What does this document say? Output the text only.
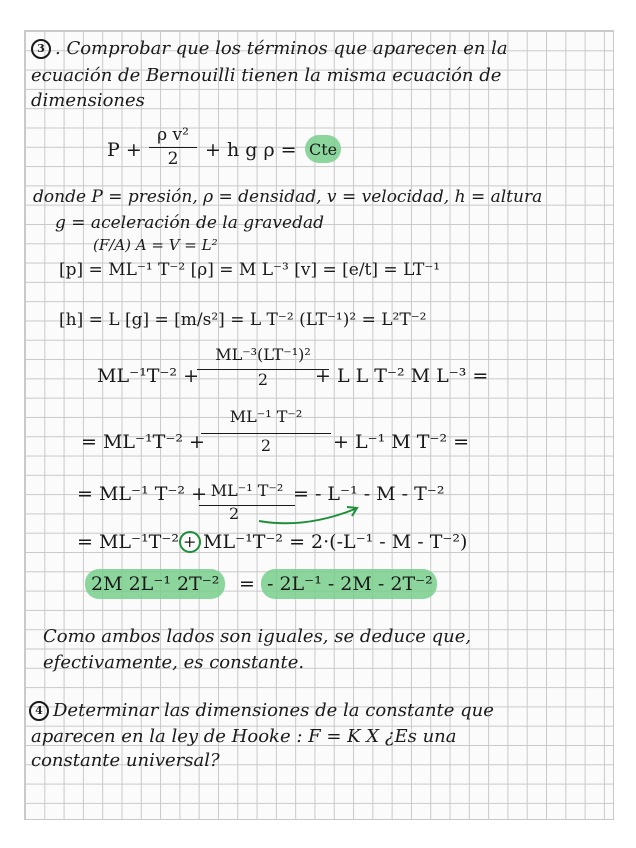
3 . Comprobar que los términos que aparecen en la
ecuación de Bernouilli tienen la misma ecuación de
dimensiones
P +
ρ v²
2	+ h g ρ = Cte
donde P = presión, ρ = densidad, v = velocidad, h = altura
g = aceleración de la gravedad
(F/A) A = V = L²
[p] = ML⁻¹ T⁻² [ρ] = M L⁻³ [v] = [e/t] = LT⁻¹
[h] = L [g] = [m/s²] = L T⁻² (LT⁻¹)² = L²T⁻²
ML⁻¹T⁻² +
ML⁻³(LT⁻¹)²
2	+ L L T⁻² M L⁻³ =
= ML⁻¹T⁻² +
ML⁻¹ T⁻²
2	+ L⁻¹ M T⁻² =
= ML⁻¹ T⁻² + ML⁻¹ T⁻²
2
= - L⁻¹ - M - T⁻²
= ML⁻¹T⁻² + ML⁻¹T⁻² = 2·(-L⁻¹ - M - T⁻²)
2M 2L⁻¹ 2T⁻² = - 2L⁻¹ - 2M - 2T⁻²
Como ambos lados son iguales, se deduce que,
efectivamente, es constante.
4 Determinar las dimensiones de la constante que
aparecen en la ley de Hooke : F = K X ¿Es una
constante universal?
